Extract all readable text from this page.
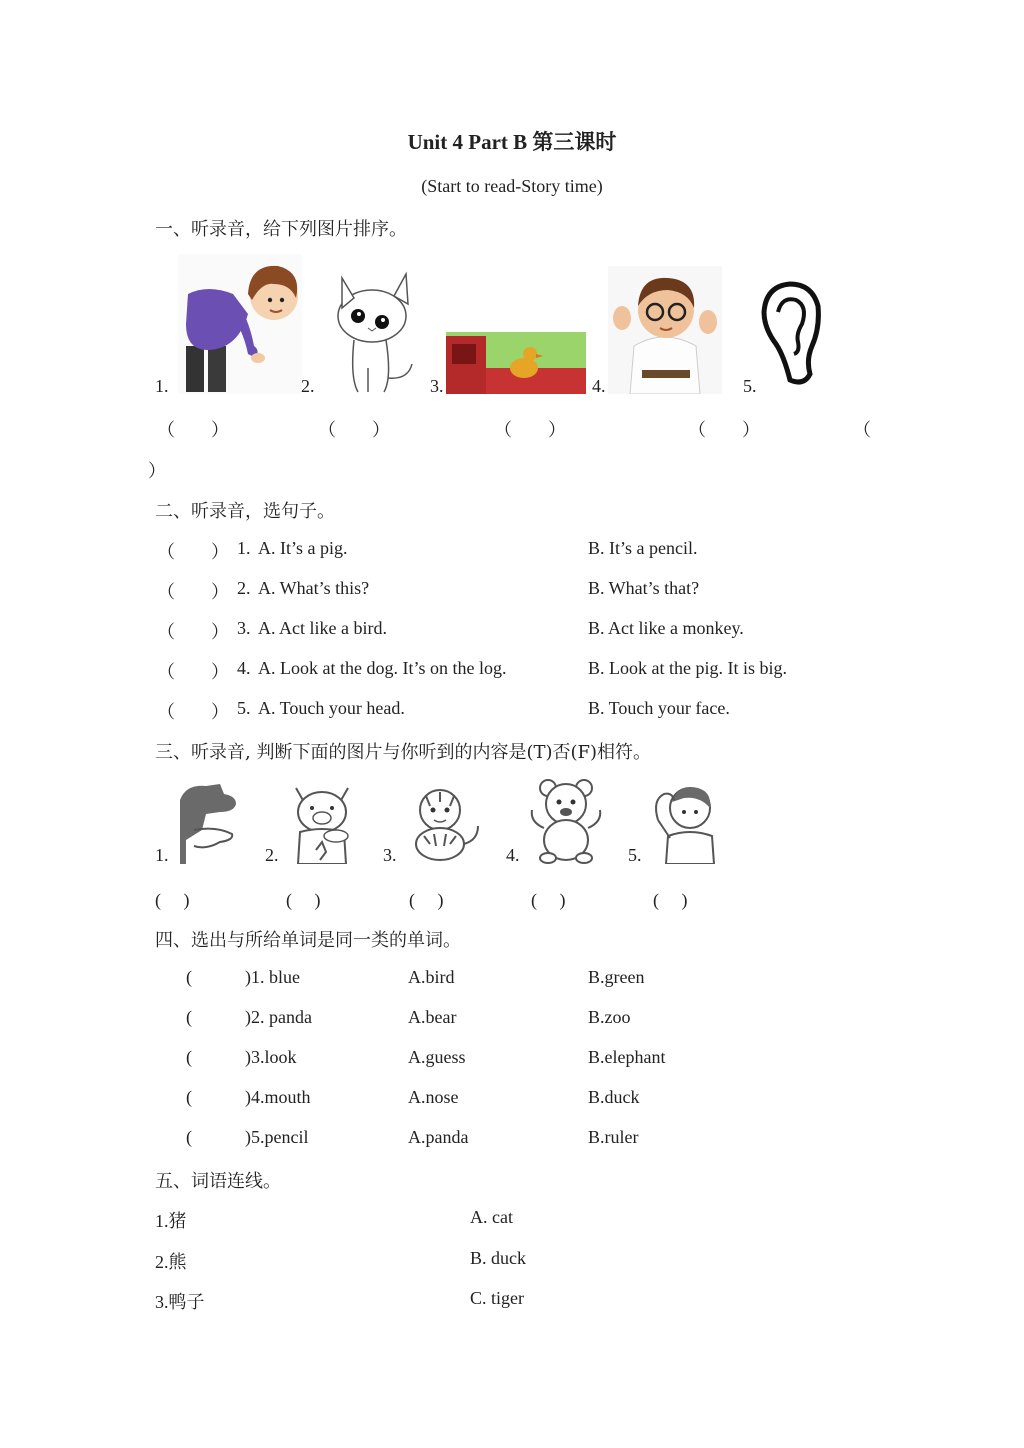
Unit 4 Part B 第三课时
(Start to read-Story time)
一、听录音，给下列图片排序。
1.	2.	3.	4.	5.
（　　）	（　　）	（　　）	（　　）	（
）
二、听录音，选句子。
（　　） 1. A. It’s a pig.	B. It’s a pencil.
（　　） 2. A. What’s this?	B. What’s that?
（　　） 3. A. Act like a bird.	B. Act like a monkey.
（　　） 4. A. Look at the dog. It’s on the log.	B. Look at the pig. It is big.
（　　） 5. A. Touch your head.	B. Touch your face.
三、听录音, 判断下面的图片与你听到的内容是(T)否(F)相符。
1.	2.	3.	4.	5.
(　 )	(　 )	(　 )	(　 )	(　 )
四、选出与所给单词是同一类的单词。
(	)1. blue	A.bird	B.green
(	)2. panda	A.bear	B.zoo
(	)3.look	A.guess	B.elephant
(	)4.mouth	A.nose	B.duck
(	)5.pencil	A.panda	B.ruler
五、词语连线。
1.猪	A. cat
2.熊	B. duck
3.鸭子	C. tiger
